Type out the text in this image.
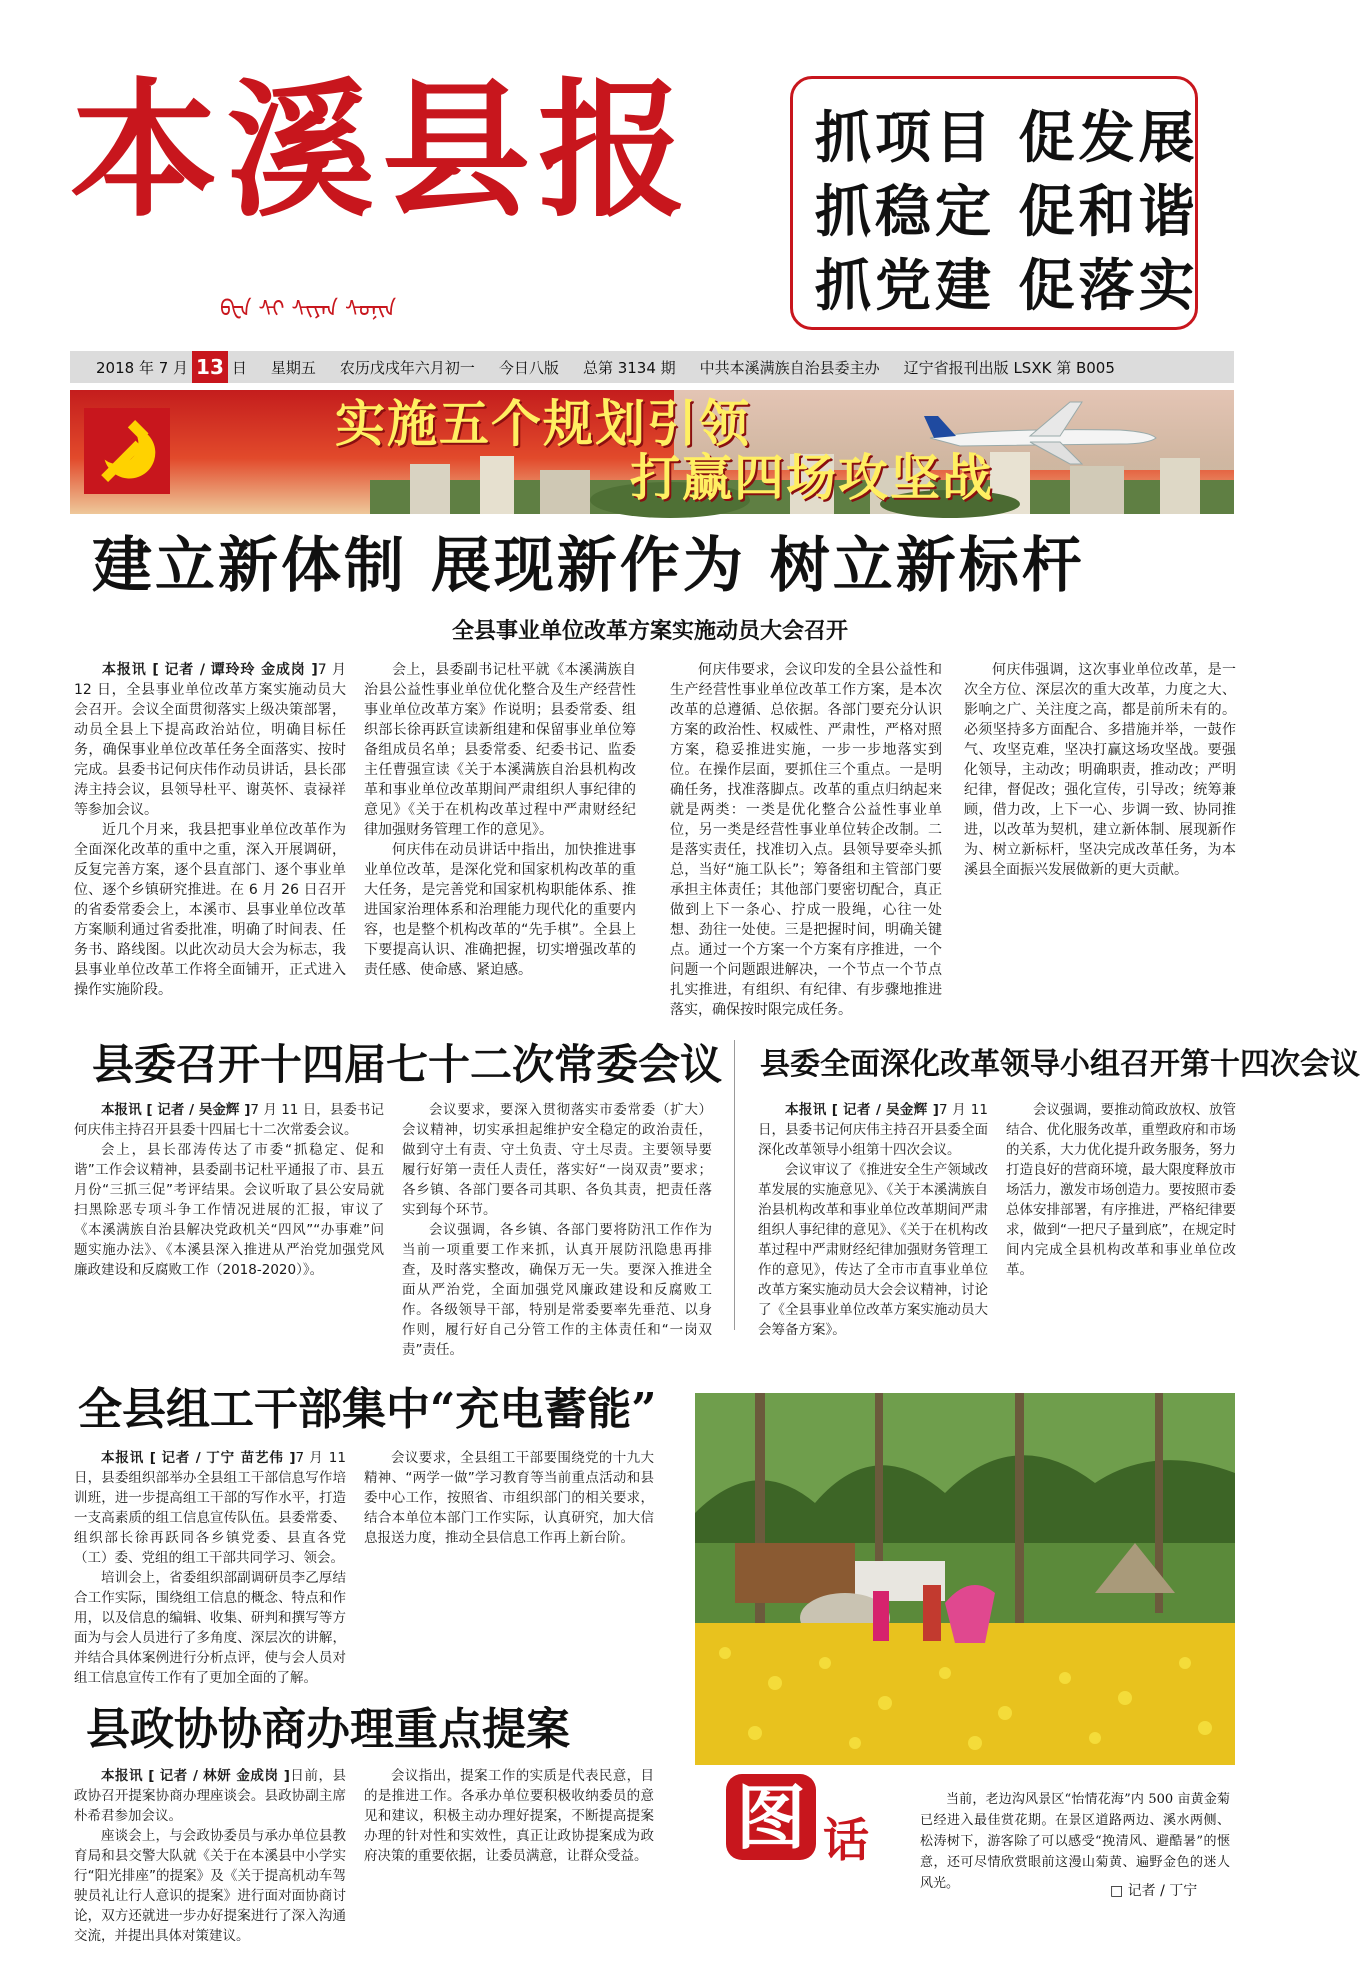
本溪县报
ᠪᠧᠨ ᠰᠢ ᠰᠢᠶᠠᠨ ᠰᠣᠨᠢᠨ
抓项目 促发展
抓稳定 促和谐
抓党建 促落实
2018 年 7 月 13 日 星期五 农历戊戌年六月初一 今日八版 总第 3134 期 中共本溪满族自治县委主办 辽宁省报刊出版 LSXK 第 B005
实施五个规划引领
打赢四场攻坚战
建立新体制 展现新作为 树立新标杆
全县事业单位改革方案实施动员大会召开

本报讯 [ 记者 / 谭玲玲 金成岗 ]7 月 12 日，全县事业单位改革方案实施动员大会召开。会议全面贯彻落实上级决策部署，动员全县上下提高政治站位，明确目标任务，确保事业单位改革任务全面落实、按时完成。县委书记何庆伟作动员讲话，县长邵涛主持会议，县领导杜平、谢英怀、袁禄祥等参加会议。

近几个月来，我县把事业单位改革作为全面深化改革的重中之重，深入开展调研，反复完善方案，逐个县直部门、逐个事业单位、逐个乡镇研究推进。在 6 月 26 日召开的省委常委会上，本溪市、县事业单位改革方案顺利通过省委批准，明确了时间表、任务书、路线图。以此次动员大会为标志，我县事业单位改革工作将全面铺开，正式进入操作实施阶段。

会上，县委副书记杜平就《本溪满族自治县公益性事业单位优化整合及生产经营性事业单位改革方案》作说明；县委常委、组织部长徐再跃宣读新组建和保留事业单位筹备组成员名单；县委常委、纪委书记、监委主任曹强宣读《关于本溪满族自治县机构改革和事业单位改革期间严肃组织人事纪律的意见》《关于在机构改革过程中严肃财经纪律加强财务管理工作的意见》。

何庆伟在动员讲话中指出，加快推进事业单位改革，是深化党和国家机构改革的重大任务，是完善党和国家机构职能体系、推进国家治理体系和治理能力现代化的重要内容，也是整个机构改革的“先手棋”。全县上下要提高认识、准确把握，切实增强改革的责任感、使命感、紧迫感。

何庆伟要求，会议印发的全县公益性和生产经营性事业单位改革工作方案，是本次改革的总遵循、总依据。各部门要充分认识方案的政治性、权威性、严肃性，严格对照方案，稳妥推进实施，一步一步地落实到位。在操作层面，要抓住三个重点。一是明确任务，找准落脚点。改革的重点归纳起来就是两类：一类是优化整合公益性事业单位，另一类是经营性事业单位转企改制。二是落实责任，找准切入点。县领导要牵头抓总，当好“施工队长”；筹备组和主管部门要承担主体责任；其他部门要密切配合，真正做到上下一条心、拧成一股绳，心往一处想、劲往一处使。三是把握时间，明确关键点。通过一个方案一个方案有序推进，一个问题一个问题跟进解决，一个节点一个节点扎实推进，有组织、有纪律、有步骤地推进落实，确保按时限完成任务。

何庆伟强调，这次事业单位改革，是一次全方位、深层次的重大改革，力度之大、影响之广、关注度之高，都是前所未有的。必须坚持多方面配合、多措施并举，一鼓作气、攻坚克难，坚决打赢这场攻坚战。要强化领导，主动改；明确职责，推动改；严明纪律，督促改；强化宣传，引导改；统筹兼顾，借力改，上下一心、步调一致、协同推进，以改革为契机，建立新体制、展现新作为、树立新标杆，坚决完成改革任务，为本溪县全面振兴发展做新的更大贡献。

县委召开十四届七十二次常委会议

本报讯 [ 记者 / 吴金辉 ]7 月 11 日，县委书记何庆伟主持召开县委十四届七十二次常委会议。

会上，县长邵涛传达了市委“抓稳定、促和谐”工作会议精神，县委副书记杜平通报了市、县五月份“三抓三促”考评结果。会议听取了县公安局就扫黑除恶专项斗争工作情况进展的汇报，审议了《本溪满族自治县解决党政机关“四风”“办事难”问题实施办法》、《本溪县深入推进从严治党加强党风廉政建设和反腐败工作（2018-2020）》。

会议要求，要深入贯彻落实市委常委（扩大）会议精神，切实承担起维护安全稳定的政治责任，做到守土有责、守土负责、守土尽责。主要领导要履行好第一责任人责任，落实好“一岗双责”要求；各乡镇、各部门要各司其职、各负其责，把责任落实到每个环节。

会议强调，各乡镇、各部门要将防汛工作作为当前一项重要工作来抓，认真开展防汛隐患再排查，及时落实整改，确保万无一失。要深入推进全面从严治党，全面加强党风廉政建设和反腐败工作。各级领导干部，特别是常委要率先垂范、以身作则，履行好自己分管工作的主体责任和“一岗双责”责任。

县委全面深化改革领导小组召开第十四次会议

本报讯 [ 记者 / 吴金辉 ]7 月 11 日，县委书记何庆伟主持召开县委全面深化改革领导小组第十四次会议。

会议审议了《推进安全生产领域改革发展的实施意见》、《关于本溪满族自治县机构改革和事业单位改革期间严肃组织人事纪律的意见》、《关于在机构改革过程中严肃财经纪律加强财务管理工作的意见》，传达了全市市直事业单位改革方案实施动员大会会议精神，讨论了《全县事业单位改革方案实施动员大会筹备方案》。

会议强调，要推动简政放权、放管结合、优化服务改革，重塑政府和市场的关系，大力优化提升政务服务，努力打造良好的营商环境，最大限度释放市场活力，激发市场创造力。要按照市委总体安排部署，有序推进，严格纪律要求，做到“一把尺子量到底”，在规定时间内完成全县机构改革和事业单位改革。

全县组工干部集中“充电蓄能”

本报讯 [ 记者 / 丁宁 苗艺伟 ]7 月 11 日，县委组织部举办全县组工干部信息写作培训班，进一步提高组工干部的写作水平，打造一支高素质的组工信息宣传队伍。县委常委、组织部长徐再跃同各乡镇党委、县直各党（工）委、党组的组工干部共同学习、领会。

培训会上，省委组织部副调研员李乙厚结合工作实际，围绕组工信息的概念、特点和作用，以及信息的编辑、收集、研判和撰写等方面为与会人员进行了多角度、深层次的讲解，并结合具体案例进行分析点评，使与会人员对组工信息宣传工作有了更加全面的了解。

会议要求，全县组工干部要围绕党的十九大精神、“两学一做”学习教育等当前重点活动和县委中心工作，按照省、市组织部门的相关要求，结合本单位本部门工作实际，认真研究，加大信息报送力度，推动全县信息工作再上新台阶。

县政协协商办理重点提案

本报讯 [ 记者 / 林妍 金成岗 ]日前，县政协召开提案协商办理座谈会。县政协副主席朴希君参加会议。

座谈会上，与会政协委员与承办单位县教育局和县交警大队就《关于在本溪县中小学实行“阳光排座”的提案》及《关于提高机动车驾驶员礼让行人意识的提案》进行面对面协商讨论，双方还就进一步办好提案进行了深入沟通交流，并提出具体对策建议。

会议指出，提案工作的实质是代表民意，目的是推进工作。各承办单位要积极收纳委员的意见和建议，积极主动办理好提案，不断提高提案办理的针对性和实效性，真正让政协提案成为政府决策的重要依据，让委员满意，让群众受益。 图 话

当前，老边沟风景区“怡情花海”内 500 亩黄金菊已经进入最佳赏花期。在景区道路两边、溪水两侧、松涛树下，游客除了可以感受“挽清风、避酷暑”的惬意，还可尽情欣赏眼前这漫山菊黄、遍野金色的迷人风光。	□ 记者 / 丁宁
